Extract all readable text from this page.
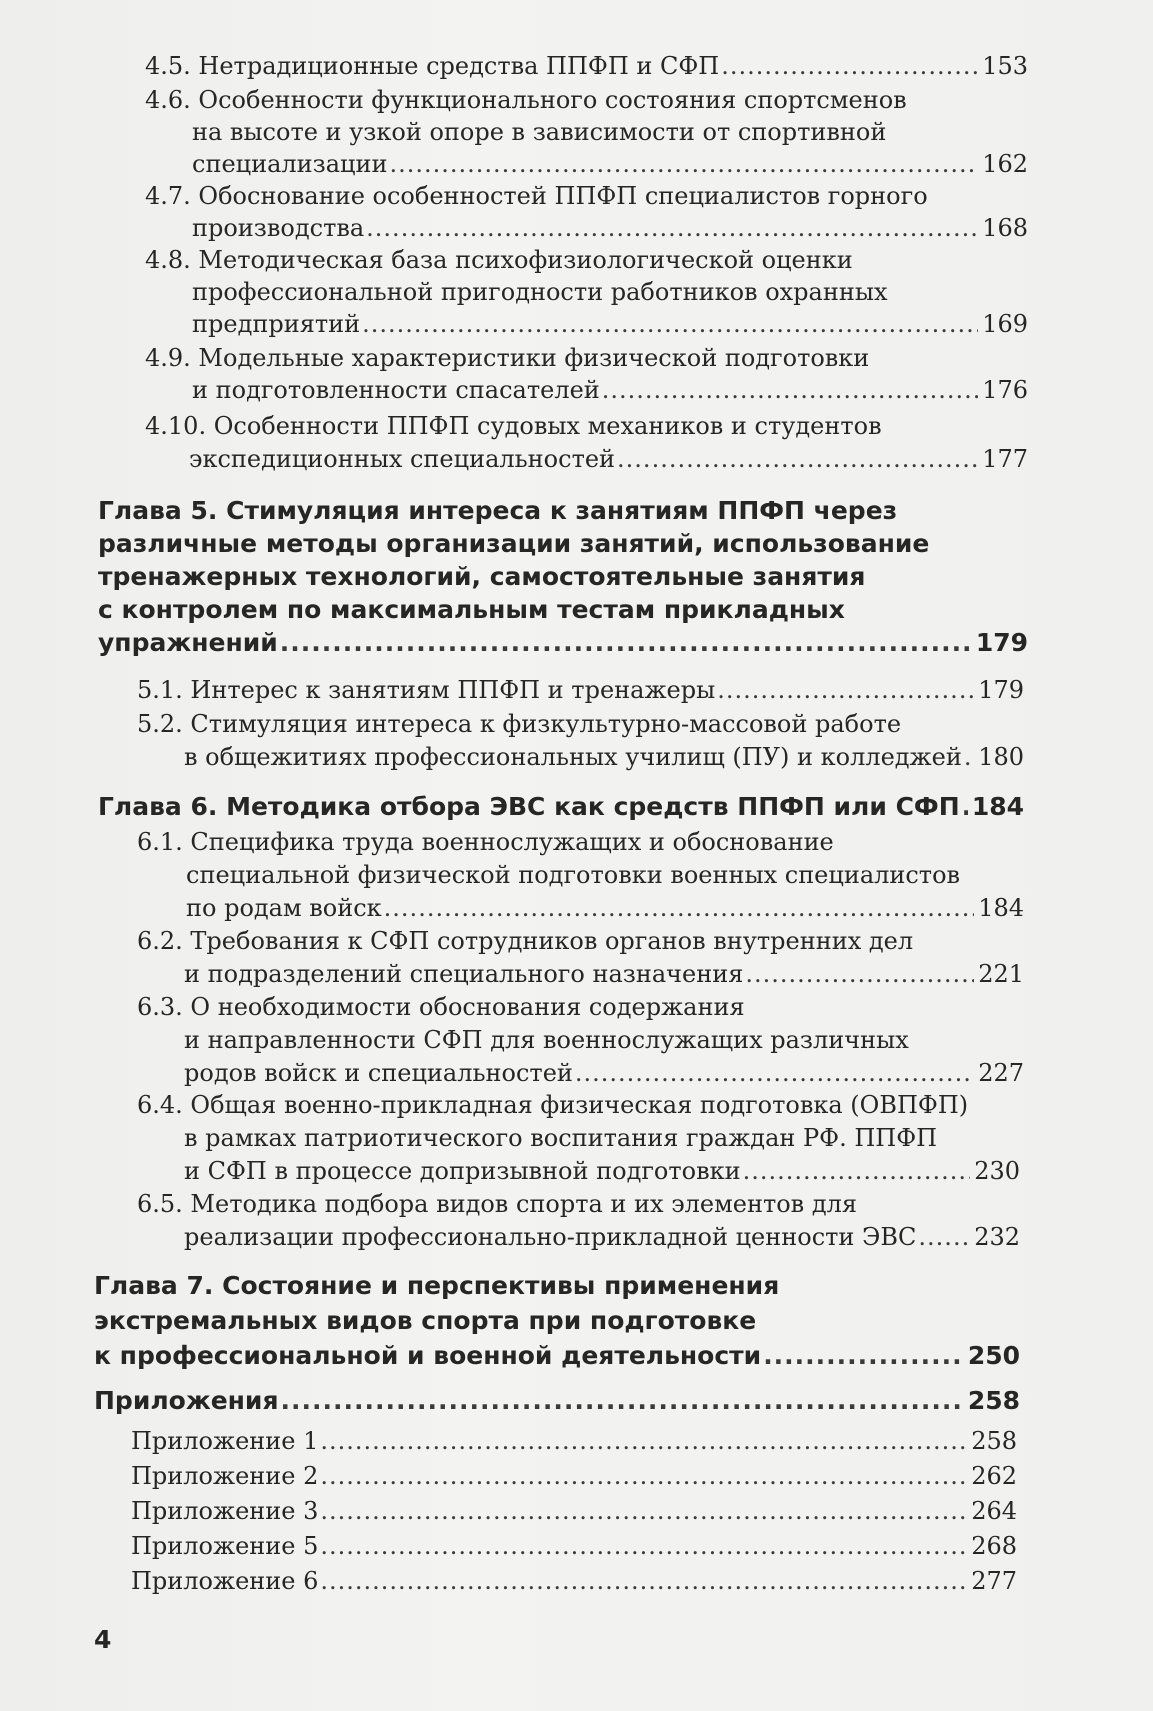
4.5. Нетрадиционные средства ППФП и СФП .....	153
4.6. Особенности функционального состояния спортсменов
на высоте и узкой опоре в зависимости от спортивной
специализации .....	162
4.7. Обоснование особенностей ППФП специалистов горного
производства .....	168
4.8. Методическая база психофизиологической оценки
профессиональной пригодности работников охранных
предприятий .....	169
4.9. Модельные характеристики физической подготовки
и подготовленности спасателей .....	176
4.10. Особенности ППФП судовых механиков и студентов
экспедиционных специальностей .....	177
Глава 5. Стимуляция интереса к занятиям ППФП через
различные методы организации занятий, использование
тренажерных технологий, самостоятельные занятия
с контролем по максимальным тестам прикладных
упражнений .....	179
5.1. Интерес к занятиям ППФП и тренажеры .....	179
5.2. Стимуляция интереса к физкультурно-массовой работе
в общежитиях профессиональных училищ (ПУ) и колледжей ..... 180
Глава 6. Методика отбора ЭВС как средств ППФП или СФП ..... 184
6.1. Специфика труда военнослужащих и обоснование
специальной физической подготовки военных специалистов
по родам войск .....	184
6.2. Требования к СФП сотрудников органов внутренних дел
и подразделений специального назначения .....	221
6.3. О необходимости обоснования содержания
и направленности СФП для военнослужащих различных
родов войск и специальностей .....	227
6.4. Общая военно-прикладная физическая подготовка (ОВПФП)
в рамках патриотического воспитания граждан РФ. ППФП
и СФП в процессе допризывной подготовки .....	230
6.5. Методика подбора видов спорта и их элементов для
реализации профессионально-прикладной ценности ЭВС ..... 232
Глава 7. Состояние и перспективы применения
экстремальных видов спорта при подготовке
к профессиональной и военной деятельности .....	250
Приложения .....	258
Приложение 1 .....	258
Приложение 2 .....	262
Приложение 3 .....	264
Приложение 5 .....	268
Приложение 6 .....	277
4
